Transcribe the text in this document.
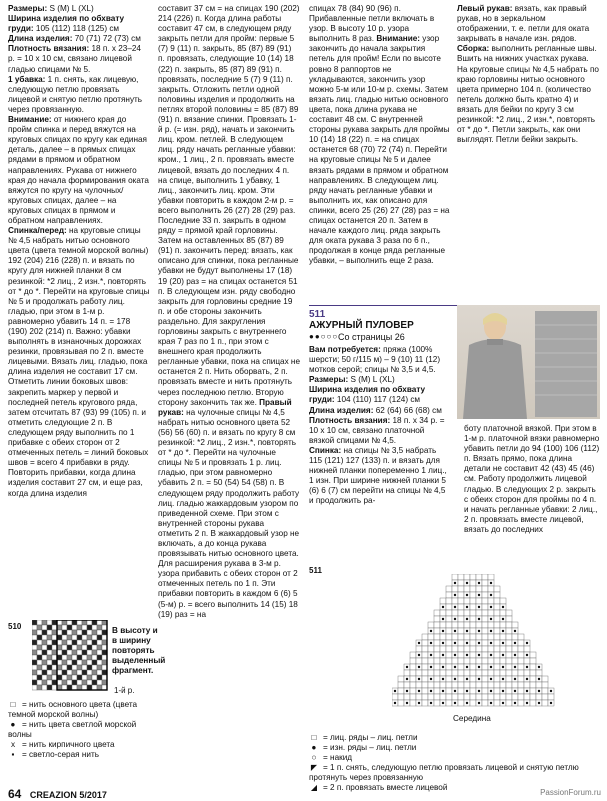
Размеры: S (M) L (XL)

Ширина изделия по обхвату груди: 105 (112) 118 (125) см

Длина изделия: 70 (71) 72 (73) см

Плотность вязания: 18 п. x 23–24 р. = 10 x 10 см, связано лицевой гладью спицами № 5.

1 убавка: 1 п. снять, как лицевую, следующую петлю провязать лицевой и снятую петлю протянуть через провязанную.

Внимание: от нижнего края до пройм спинка и перед вяжутся на круговых спицах по кругу как единая деталь, далее – в прямых спицах рядами в прямом и обратном направлениях. Рукава от нижнего края до начала формирования оката вяжутся по кругу на чулочных/круговых спицах, далее – на круговых спицах в прямом и обратном направлениях.

Спинка/перед: на круговые спицы № 4,5 набрать нитью основного цвета (цвета темной морской волны) 192 (204) 216 (228) п. и вязать по кругу для нижней планки 8 см резинкой: *2 лиц., 2 изн.*, повторять от * до *. Перейти на круговые спицы № 5 и продолжать работу лиц. гладью, при этом в 1-м р. равномерно убавить 14 п. = 178 (190) 202 (214) п. Важно: убавки выполнять в изнаночных дорожках резинки, провязывая по 2 п. вместе лицевыми. Вязать лиц. гладью, пока длина изделия не составит 17 см. Отметить линии боковых швов: закрепить маркер у первой и последней петель кругового ряда, затем отсчитать 87 (93) 99 (105) п. и отметить следующие 2 п. В следующем ряду выполнить по 1 прибавке с обеих сторон от 2 отмеченных петель = линий боковых швов = всего 4 прибавки в ряду. Повторить прибавки, когда длина изделия составит 27 см, и еще раз, когда длина изделия

составит 37 см = на спицах 190 (202) 214 (226) п. Когда длина работы составит 47 см, в следующем ряду закрыть петли для пройм: первые 5 (7) 9 (11) п. закрыть, 85 (87) 89 (91) п. провязать, следующие 10 (14) 18 (22) п. закрыть, 85 (87) 89 (91) п. провязать, последние 5 (7) 9 (11) п. закрыть. Отложить петли одной половины изделия и продолжить на петлях второй половины = 85 (87) 89 (91) п. вязание спинки. Провязать 1-й р. (= изн. ряд), начать и закончить лиц. кром. петлей. В следующем лиц. ряду начать регланные убавки: кром., 1 лиц., 2 п. провязать вместе лицевой, вязать до последних 4 п. на спице, выполнить 1 убавку, 1 лиц., закончить лиц. кром. Эти убавки повторить в каждом 2-м р. = всего выполнить 26 (27) 28 (29) раз. Последние 33 п. закрыть в одном ряду = прямой край горловины. Затем на оставленных 85 (87) 89 (91) п. закончить перед: вязать, как описано для спинки, пока регланные убавки не будут выполнены 17 (18) 19 (20) раз = на спицах останется 51 п. В следующем изн. ряду свободно закрыть для горловины средние 19 п. и обе стороны закончить раздельно. Для закругления горловины закрыть с внутреннего края 7 раз по 1 п., при этом с внешнего края продолжить регланные убавки, пока на спицах не останется 2 п. Нить оборвать, 2 п. провязать вместе и нить протянуть через последнюю петлю. Вторую сторону закончить так же. Правый рукав: на чулочные спицы № 4,5 набрать нитью основного цвета 52 (56) 56 (60) п. и вязать по кругу 8 см резинкой: *2 лиц., 2 изн.*, повторять от * до *. Перейти на чулочные спицы № 5 и провязать 1 р. лиц. гладью, при этом равномерно убавить 2 п. = 50 (54) 54 (58) п. В следующем ряду продолжить работу лиц. гладью жаккардовым узором по приведенной схеме. При этом с внутренней стороны рукава отметить 2 п. В жаккардовый узор не включать, а до конца рукава провязывать нитью основного цвета. Для расширения рукава в 3-м р. узора прибавить с обеих сторон от 2 отмеченных петель по 1 п. Эти прибавки повторить в каждом 6 (6) 5 (5-м) р. = всего выполнить 14 (15) 18 (19) раз = на

спицах 78 (84) 90 (96) п. Прибавленные петли включать в узор. В высоту 10 р. узора выполнить 8 раз. Внимание: узор закончить до начала закрытия петель для пройм! Если по высоте ровно 8 раппортов не укладываются, закончить узор можно 5-м или 10-м р. схемы. Затем вязать лиц. гладью нитью основного цвета, пока длина рукава не составит 48 см. С внутренней стороны рукава закрыть для проймы 10 (14) 18 (22) п. = на спицах останется 68 (70) 72 (74) п. Перейти на круговые спицы № 5 и далее вязать рядами в прямом и обратном направлениях. В следующем лиц. ряду начать регланные убавки и выполнить их, как описано для спинки, всего 25 (26) 27 (28) раз = на спицах останется 20 п. Затем в начале каждого лиц. ряда закрыть для оката рукава 3 раза по 6 п., продолжая в конце ряда регланные убавки, – выполнить еще 2 раза.

Левый рукав: вязать, как правый рукав, но в зеркальном отображении, т. е. петли для оката закрывать в начале изн. рядов.

Сборка: выполнить регланные швы. Вшить на нижних участках рукава. На круговые спицы № 4,5 набрать по краю горловины нитью основного цвета примерно 104 п. (количество петель должно быть кратно 4) и вязать для бейки по кругу 3 см резинкой: *2 лиц., 2 изн.*, повторять от * до *. Петли закрыть, как они выглядят. Петли бейки закрыть.

511
АЖУРНЫЙ ПУЛОВЕР
●●○○○ Со страницы 26

Вам потребуется: пряжа (100% шерсти; 50 г/115 м) – 9 (10) 11 (12) мотков серой; спицы № 3,5 и 4,5.

Размеры: S (M) L (XL)

Ширина изделия по обхвату груди: 104 (110) 117 (124) см

Длина изделия: 62 (64) 66 (68) см

Плотность вязания: 18 п. x 34 р. = 10 x 10 см, связано платочной вязкой спицами № 4,5.

Спинка: на спицы № 3,5 набрать 115 (121) 127 (133) п. и вязать для нижней планки попеременно 1 лиц., 1 изн. При ширине нижней планки 5 (6) 6 (7) см перейти на спицы № 4,5 и продолжить ра-

боту платочной вязкой. При этом в 1-м р. платочной вязки равномерно убавить петли до 94 (100) 106 (112) п. Вязать прямо, пока длина детали не составит 42 (43) 45 (46) см. Работу продолжить лицевой гладью. В следующих 2 р. закрыть с обеих сторон для проймы по 4 п. и начать регланные убавки: 2 лиц., 2 п. провязать вместе лицевой, вязать до последних

510	В высоту и в ширину повторять выделенный фрагмент.
1-й р.
□ = нить основного цвета (цвета темной морской волны)
● = нить цвета светлой морской волны
x = нить кирпичного цвета
▪ = светло-серая нить
511
Середина
□ = лиц. ряды – лиц. петли
● = изн. ряды – лиц. петли
○ = накид
◤ = 1 п. снять, следующую петлю провязать лицевой и снятую петлю протянуть через провязанную
◢ = 2 п. провязать вместе лицевой
64 CREAZION 5/2017	PassionForum.ru
